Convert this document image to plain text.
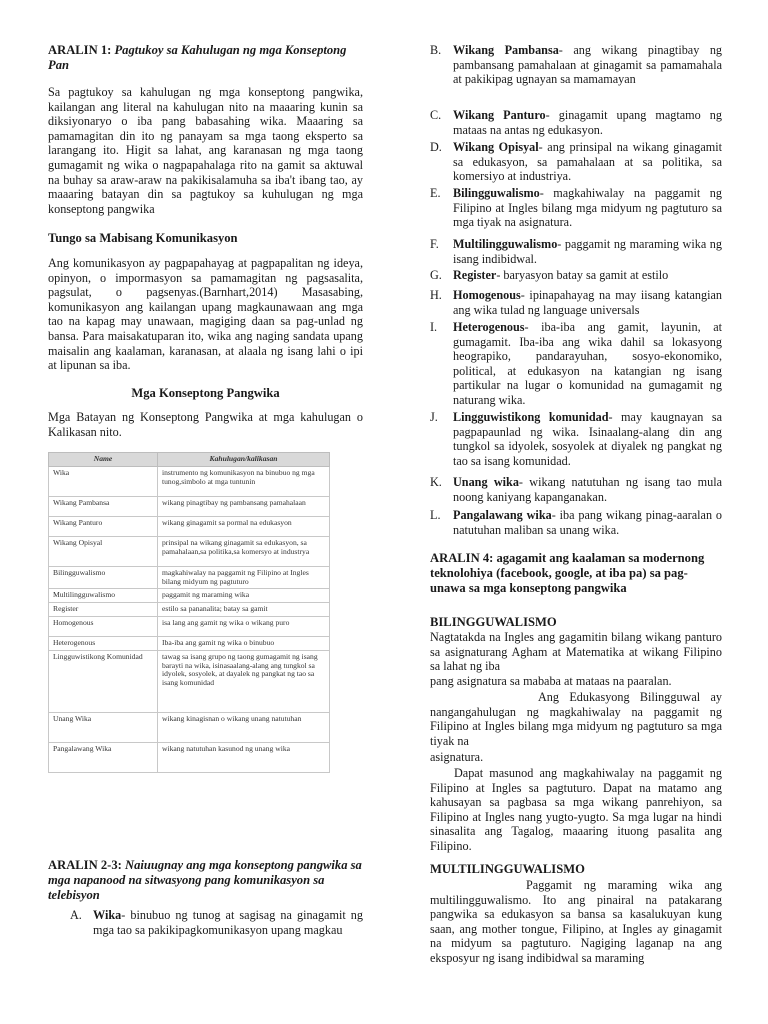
ARALIN 1: Pagtukoy sa Kahulugan ng mga Konseptong Pan

Sa pagtukoy sa kahulugan ng mga konseptong pangwika, kailangan ang literal na kahulugan nito na maaaring kunin sa diksiyonaryo o iba pang babasahing wika. Maaaring sa pamamagitan din ito ng panayam sa mga taong eksperto sa larangang ito. Higit sa lahat, ang karanasan ng mga taong gumagamit ng wika o nagpapahalaga rito na gamit sa aktuwal na buhay sa araw-araw na pakikisalamuha sa iba't ibang tao, ay maaaring batayan din sa pagtukoy sa kuhulugan ng mga konseptong pangwika

Tungo sa Mabisang Komunikasyon

Ang komunikasyon ay pagpapahayag at pagpapalitan ng ideya, opinyon, o impormasyon sa pamamagitan ng pagsasalita, pagsulat, o pagsenyas.(Barnhart,2014) Masasabing, komunikasyon ang kailangan upang magkaunawaan ang mga tao na kapag may unawaan, magiging daan sa pag-unlad ng bansa. Para maisakatuparan ito, wika ang naging sandata upang maisalin ang kaalaman, karanasan, at alaala ng isang lahi o ipi at lipunan sa iba.

Mga Konseptong Pangwika

Mga Batayan ng Konseptong Pangwika at mga kahulugan o Kalikasan nito.

Name	Kahulugan/kalikasan
Wika	instrumento ng komunikasyon na binubuo ng mga tunog,simbolo at mga tuntunin
Wikang Pambansa	wikang pinagtibay ng pambansang pamahalaan
Wikang Panturo	wikang ginagamit sa pormal na edukasyon
Wikang Opisyal	prinsipal na wikang ginagamit sa edukasyon, sa pamahalaan,sa politika,sa komersyo at industrya
Bilingguwalismo	magkahiwalay na paggamit ng Filipino at Ingles bilang midyum ng pagtuturo
Multilingguwalismo	paggamit ng maraming wika
Register	estilo sa pananalita; batay sa gamit
Homogenous	isa lang ang gamit ng wika o wikang puro
Heterogenous	Iba-iba ang gamit ng wika o binubuo
Lingguwistikong Komunidad	tawag sa isang grupo ng taong gumagamit ng isang barayti na wika, isinasaalang-alang ang tungkol sa idyolek, sosyolek, at dayalek ng pangkat ng tao sa isang komunidad
Unang Wika	wikang kinagisnan o wikang unang natutuhan
Pangalawang Wika	wikang natutuhan kasunod ng unang wika
ARALIN 2-3: Naiuugnay ang mga konseptong pangwika sa mga napanood na sitwasyong pang komunikasyon sa telebisyon
A. Wika- binubuo ng tunog at sagisag na ginagamit ng mga tao sa pakikipagkomunikasyon upang magkau
B. Wikang Pambansa- ang wikang pinagtibay ng pambansang pamahalaan at ginagamit sa pamamahala at pakikipag ugnayan sa mamamayan
C. Wikang Panturo- ginagamit upang magtamo ng mataas na antas ng edukasyon.
D. Wikang Opisyal- ang prinsipal na wikang ginagamit sa edukasyon, sa pamahalaan at sa politika, sa komersiyo at industriya.
E. Bilingguwalismo- magkahiwalay na paggamit ng Filipino at Ingles bilang mga midyum ng pagtuturo sa mga tiyak na asignatura.
F. Multilingguwalismo- paggamit ng maraming wika ng isang indibidwal.
G. Register- baryasyon batay sa gamit at estilo
H. Homogenous- ipinapahayag na may iisang katangian ang wika tulad ng language universals
I. Heterogenous- iba-iba ang gamit, layunin, at gumagamit. Iba-iba ang wika dahil sa lokasyong heograpiko, pandarayuhan, sosyo-ekonomiko, political, at edukasyon na katangian ng isang partikular na lugar o komunidad na gumagamit ng naturang wika.
J. Lingguwistikong komunidad- may kaugnayan sa pagpapaunlad ng wika. Isinaalang-alang din ang tungkol sa idyolek, sosyolek at diyalek ng pangkat ng tao sa isang komunidad.
K. Unang wika- wikang natutuhan ng isang tao mula noong kaniyang kapanganakan.
L. Pangalawang wika- iba pang wikang pinag-aaralan o natutuhan maliban sa unang wika.
ARALIN 4: agagamit ang kaalaman sa modernong teknolohiya (facebook, google, at iba pa) sa pag-unawa sa mga konseptong pangwika
BILINGGUWALISMO

Nagtatakda na Ingles ang gagamitin bilang wikang panturo sa asignaturang Agham at Matematika at wikang Filipino sa lahat ng iba

pang asignatura sa mababa at mataas na paaralan.

Ang Edukasyong Bilingguwal ay nangangahulugan ng magkahiwalay na paggamit ng Filipino at Ingles bilang mga midyum ng pagtuturo sa mga tiyak na

asignatura.

Dapat masunod ang magkahiwalay na paggamit ng Filipino at Ingles sa pagtuturo. Dapat na matamo ang kahusayan sa pagbasa sa mga wikang panrehiyon, sa Filipino at Ingles nang yugto-yugto. Sa mga lugar na hindi sinasalita ang Tagalog, maaaring ituong pasalita ang Filipino.

MULTILINGGUWALISMO

Paggamit ng maraming wika ang multilingguwalismo. Ito ang pinairal na patakarang pangwika sa edukasyon sa bansa sa kasalukuyan kung saan, ang mother tongue, Filipino, at Ingles ay ginagamit na midyum sa pagtuturo. Nagiging laganap na ang eksposyur ng isang indibidwal sa maraming
